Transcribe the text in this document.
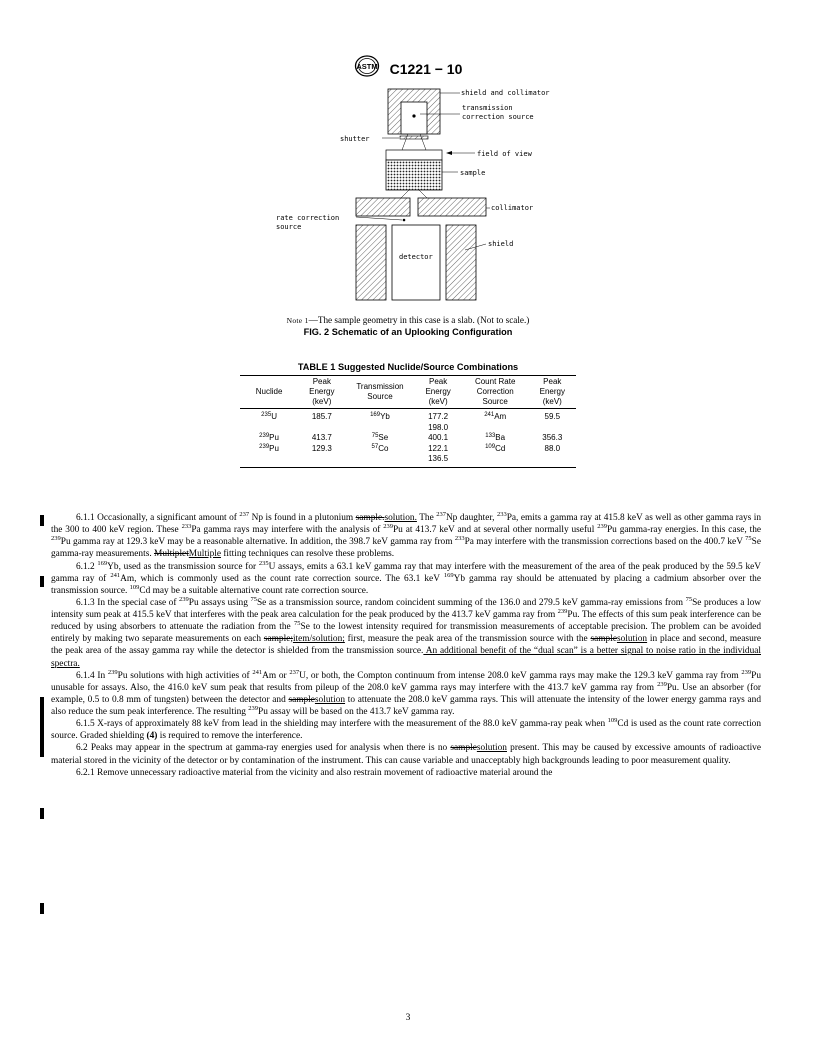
ASTM C1221 − 10
shield and collimator
transmission
correction source
shutter
field of view
sample
collimator
rate correction
source
shield
detector
Note 1—The sample geometry in this case is a slab. (Not to scale.)
FIG. 2 Schematic of an Uplooking Configuration
TABLE 1 Suggested Nuclide/Source Combinations
Nuclide	Peak Energy (keV)	Transmission Source	Peak Energy (keV)	Count Rate Correction Source	Peak Energy (keV)
$^{235}$U	185.7	$^{169}$Yb	177.2	$^{241}$Am	59.5
			198.0		
$^{239}$Pu	413.7	$^{75}$Se	400.1	$^{133}$Ba	356.3
$^{239}$Pu	129.3	$^{57}$Co	122.1	$^{109}$Cd	88.0
			136.5		

6.1.1 Occasionally, a significant amount of $^{237}$ Np is found in a plutonium sample.solution. The $^{237}$Np daughter, $^{233}$Pa, emits a gamma ray at 415.8 keV as well as other gamma rays in the 300 to 400 keV region. These $^{233}$Pa gamma rays may interfere with the analysis of $^{239}$Pu at 413.7 keV and at several other normally useful $^{239}$Pu gamma-ray energies. In this case, the $^{239}$Pu gamma ray at 129.3 keV may be a reasonable alternative. In addition, the 398.7 keV gamma ray from $^{233}$Pa may interfere with the transmission corrections based on the 400.7 keV $^{75}$Se gamma-ray measurements. MultipletMultiple fitting techniques can resolve these problems.

6.1.2 $^{169}$Yb, used as the transmission source for $^{235}$U assays, emits a 63.1 keV gamma ray that may interfere with the measurement of the area of the peak produced by the 59.5 keV gamma ray of $^{241}$Am, which is commonly used as the count rate correction source. The 63.1 keV $^{169}$Yb gamma ray should be attenuated by placing a cadmium absorber over the transmission source. $^{109}$Cd may be a suitable alternative count rate correction source.

6.1.3 In the special case of $^{239}$Pu assays using $^{75}$Se as a transmission source, random coincident summing of the 136.0 and 279.5 keV gamma-ray emissions from $^{75}$Se produces a low intensity sum peak at 415.5 keV that interferes with the peak area calculation for the peak produced by the 413.7 keV gamma ray from $^{239}$Pu. The effects of this sum peak interference can be reduced by using absorbers to attenuate the radiation from the $^{75}$Se to the lowest intensity required for transmission measurements of acceptable precision. The problem can be avoided entirely by making two separate measurements on each sample;item/solution; first, measure the peak area of the transmission source with the samplesolution in place and second, measure the peak area of the assay gamma ray while the detector is shielded from the transmission source. An additional benefit of the “dual scan” is a better signal to noise ratio in the individual spectra.

6.1.4 In $^{239}$Pu solutions with high activities of $^{241}$Am or $^{237}$U, or both, the Compton continuum from intense 208.0 keV gamma rays may make the 129.3 keV gamma ray from $^{239}$Pu unusable for assays. Also, the 416.0 keV sum peak that results from pileup of the 208.0 keV gamma rays may interfere with the 413.7 keV gamma ray from $^{239}$Pu. Use an absorber (for example, 0.5 to 0.8 mm of tungsten) between the detector and samplesolution to attenuate the 208.0 keV gamma rays. This will attenuate the intensity of the lower energy gamma rays and also reduce the sum peak interference. The resulting $^{239}$Pu assay will be based on the 413.7 keV gamma ray.

6.1.5 X-rays of approximately 88 keV from lead in the shielding may interfere with the measurement of the 88.0 keV gamma-ray peak when $^{109}$Cd is used as the count rate correction source. Graded shielding (4) is required to remove the interference.

6.2 Peaks may appear in the spectrum at gamma-ray energies used for analysis when there is no samplesolution present. This may be caused by excessive amounts of radioactive material stored in the vicinity of the detector or by contamination of the instrument. This can cause variable and unacceptably high backgrounds leading to poor measurement quality.

6.2.1 Remove unnecessary radioactive material from the vicinity and also restrain movement of radioactive material around the

3
